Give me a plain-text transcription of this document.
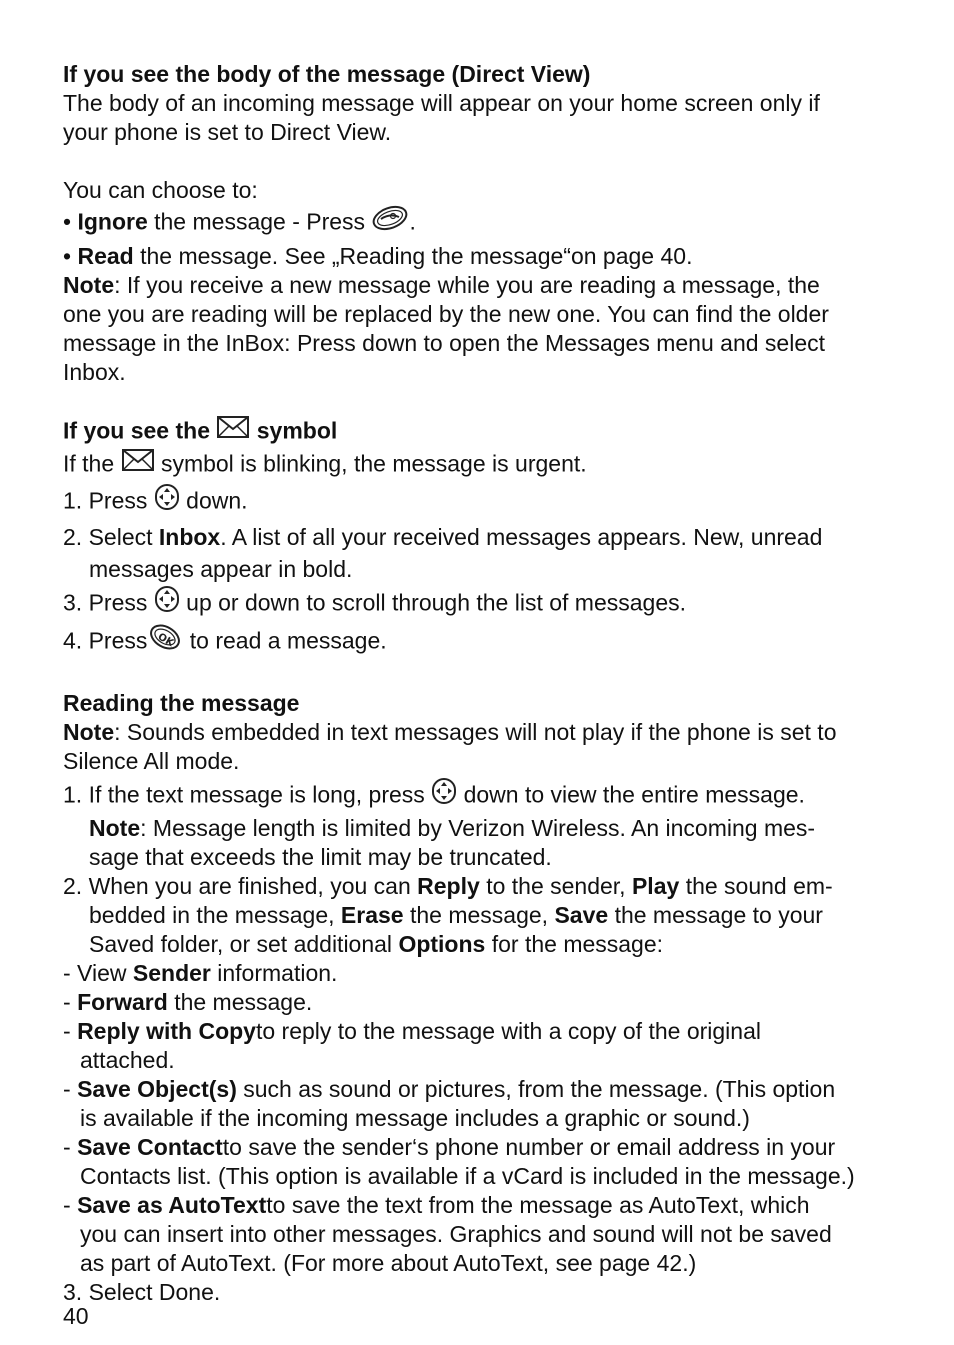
If you see the body of the message (Direct View)

The body of an incoming message will appear on your home screen only if

your phone is set to Direct View.

You can choose to:

• Ignore the message - Press .

• Read the message. See „Reading the message“on page 40.

Note: If you receive a new message while you are reading a message, the

one you are reading will be replaced by the new one. You can find the older

message in the InBox: Press down to open the Messages menu and select

Inbox.

If you see the symbol

If the symbol is blinking, the message is urgent.

1. Press down.

2. Select Inbox. A list of all your received messages appears. New, unread

messages appear in bold.

3. Press up or down to scroll through the list of messages.

4. Press OK to read a message.

Reading the message

Note: Sounds embedded in text messages will not play if the phone is set to

Silence All mode.

1. If the text message is long, press down to view the entire message.

Note: Message length is limited by Verizon Wireless. An incoming mes-

sage that exceeds the limit may be truncated.

2. When you are finished, you can Reply to the sender, Play the sound em-

bedded in the message, Erase the message, Save the message to your

Saved folder, or set additional Options for the message:

- View Sender information.

- Forward the message.

- Reply with Copyto reply to the message with a copy of the original

attached.

- Save Object(s) such as sound or pictures, from the message. (This option

is available if the incoming message includes a graphic or sound.)

- Save Contactto save the sender‘s phone number or email address in your

Contacts list. (This option is available if a vCard is included in the message.)

- Save as AutoTextto save the text from the message as AutoText, which

you can insert into other messages. Graphics and sound will not be saved

as part of AutoText. (For more about AutoText, see page 42.)

3. Select Done.

40
